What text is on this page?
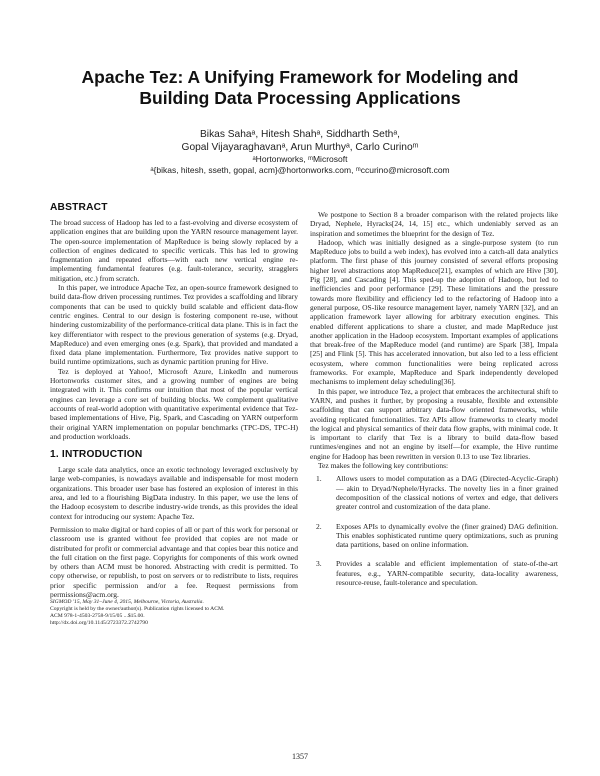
Apache Tez: A Unifying Framework for Modeling and
Building Data Processing Applications
Bikas Sahaᵃ, Hitesh Shahᵃ, Siddharth Sethᵃ,
Gopal Vijayaraghavanᵃ, Arun Murthyᵃ, Carlo Curinoᵐ
ᵃHortonworks, ᵐMicrosoft
ᵃ{bikas, hitesh, sseth, gopal, acm}@hortonworks.com, ᵐccurino@microsoft.com
ABSTRACT

The broad success of Hadoop has led to a fast-evolving and diverse ecosystem of application engines that are building upon the YARN resource management layer. The open-source implementation of MapReduce is being slowly replaced by a collection of engines dedicated to specific verticals. This has led to growing fragmentation and repeated efforts—with each new vertical engine re-implementing fundamental features (e.g. fault-tolerance, security, stragglers mitigation, etc.) from scratch.

In this paper, we introduce Apache Tez, an open-source framework designed to build data-flow driven processing runtimes. Tez provides a scaffolding and library components that can be used to quickly build scalable and efficient data-flow centric engines. Central to our design is fostering component re-use, without hindering customizability of the performance-critical data plane. This is in fact the key differentiator with respect to the previous generation of systems (e.g. Dryad, MapReduce) and even emerging ones (e.g. Spark), that provided and mandated a fixed data plane implementation. Furthermore, Tez provides native support to build runtime optimizations, such as dynamic partition pruning for Hive.

Tez is deployed at Yahoo!, Microsoft Azure, LinkedIn and numerous Hortonworks customer sites, and a growing number of engines are being integrated with it. This confirms our intuition that most of the popular vertical engines can leverage a core set of building blocks. We complement qualitative accounts of real-world adoption with quantitative experimental evidence that Tez-based implementations of Hive, Pig, Spark, and Cascading on YARN outperform their original YARN implementation on popular benchmarks (TPC-DS, TPC-H) and production workloads.

1. INTRODUCTION

Large scale data analytics, once an exotic technology leveraged exclusively by large web-companies, is nowadays available and indispensable for most modern organizations. This broader user base has fostered an explosion of interest in this area, and led to a flourishing BigData industry. In this paper, we use the lens of the Hadoop ecosystem to describe industry-wide trends, as this provides the ideal context for introducing our system: Apache Tez.

Permission to make digital or hard copies of all or part of this work for personal or classroom use is granted without fee provided that copies are not made or distributed for profit or commercial advantage and that copies bear this notice and the full citation on the first page. Copyrights for components of this work owned by others than ACM must be honored. Abstracting with credit is permitted. To copy otherwise, or republish, to post on servers or to redistribute to lists, requires prior specific permission and/or a fee. Request permissions from permissions@acm.org.

SIGMOD '15, May 31–June 4, 2015, Melbourne, Victoria, Australia.

Copyright is held by the owner/author(s). Publication rights licensed to ACM.

ACM 978-1-4503-2758-9/15/05 ...$15.00.

http://dx.doi.org/10.1145/2723372.2742790

We postpone to Section 8 a broader comparison with the related projects like Dryad, Nephele, Hyracks[24, 14, 15] etc., which undeniably served as an inspiration and sometimes the blueprint for the design of Tez.

Hadoop, which was initially designed as a single-purpose system (to run MapReduce jobs to build a web index), has evolved into a catch-all data analytics platform. The first phase of this journey consisted of several efforts proposing higher level abstractions atop MapReduce[21], examples of which are Hive [30], Pig [28], and Cascading [4]. This sped-up the adoption of Hadoop, but led to inefficiencies and poor performance [29]. These limitations and the pressure towards more flexibility and efficiency led to the refactoring of Hadoop into a general purpose, OS-like resource management layer, namely YARN [32], and an application framework layer allowing for arbitrary execution engines. This enabled different applications to share a cluster, and made MapReduce just another application in the Hadoop ecosystem. Important examples of applications that break-free of the MapReduce model (and runtime) are Spark [38], Impala [25] and Flink [5]. This has accelerated innovation, but also led to a less efficient ecosystem, where common functionalities were being replicated across frameworks. For example, MapReduce and Spark independently developed mechanisms to implement delay scheduling[36].

In this paper, we introduce Tez, a project that embraces the architectural shift to YARN, and pushes it further, by proposing a reusable, flexible and extensible scaffolding that can support arbitrary data-flow oriented frameworks, while avoiding replicated functionalities. Tez APIs allow frameworks to clearly model the logical and physical semantics of their data flow graphs, with minimal code. It is important to clarify that Tez is a library to build data-flow based runtimes/engines and not an engine by itself—for example, the Hive runtime engine for Hadoop has been rewritten in version 0.13 to use Tez libraries.

Tez makes the following key contributions:

1.	Allows users to model computation as a DAG (Directed-Acyclic-Graph) — akin to Dryad/Nephele/Hyracks. The novelty lies in a finer grained decomposition of the classical notions of vertex and edge, that delivers greater control and customization of the data plane.
2.	Exposes APIs to dynamically evolve the (finer grained) DAG definition. This enables sophisticated runtime query optimizations, such as pruning data partitions, based on online information.
3.	Provides a scalable and efficient implementation of state-of-the-art features, e.g., YARN-compatible security, data-locality awareness, resource-reuse, fault-tolerance and speculation.
1357
